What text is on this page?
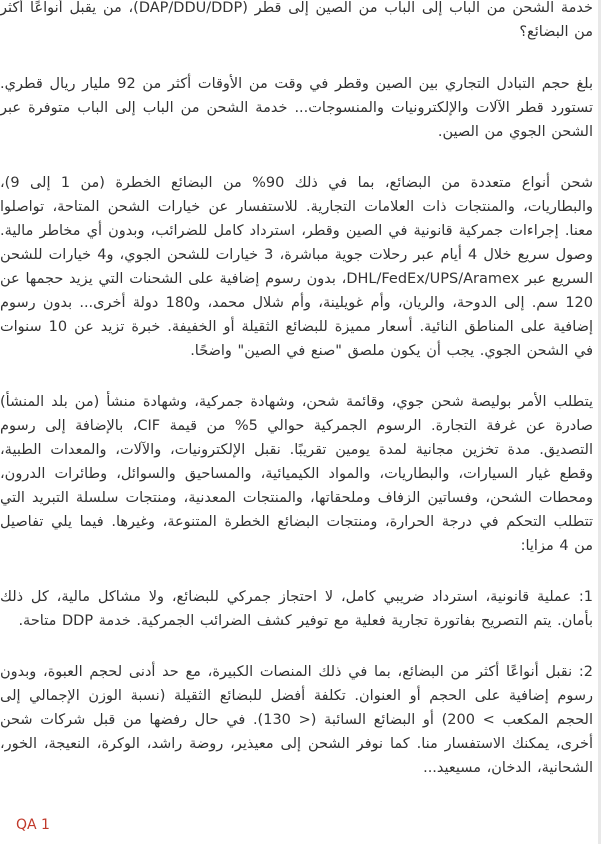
خدمة الشحن من الباب إلى الباب من الصين إلى قطر (DAP/DDU/DDP)، من يقبل أنواعًا أكثر من البضائع؟

بلغ حجم التبادل التجاري بين الصين وقطر في وقت من الأوقات أكثر من 92 مليار ريال قطري. تستورد قطر الآلات والإلكترونيات والمنسوجات... خدمة الشحن من الباب إلى الباب متوفرة عبر الشحن الجوي من الصين.

شحن أنواع متعددة من البضائع، بما في ذلك 90% من البضائع الخطرة (من 1 إلى 9)، والبطاريات، والمنتجات ذات العلامات التجارية. للاستفسار عن خيارات الشحن المتاحة، تواصلوا معنا. إجراءات جمركية قانونية في الصين وقطر، استرداد كامل للضرائب، وبدون أي مخاطر مالية. وصول سريع خلال 4 أيام عبر رحلات جوية مباشرة، 3 خيارات للشحن الجوي، و4 خيارات للشحن السريع عبر DHL/FedEx/UPS/Aramex، بدون رسوم إضافية على الشحنات التي يزيد حجمها عن 120 سم. إلى الدوحة، والريان، وأم غويلينة، وأم شلال محمد، و180 دولة أخرى... بدون رسوم إضافية على المناطق النائية. أسعار مميزة للبضائع الثقيلة أو الخفيفة. خبرة تزيد عن 10 سنوات في الشحن الجوي. يجب أن يكون ملصق "صنع في الصين" واضحًا.

يتطلب الأمر بوليصة شحن جوي، وقائمة شحن، وشهادة جمركية، وشهادة منشأ (من بلد المنشأ) صادرة عن غرفة التجارة. الرسوم الجمركية حوالي 5% من قيمة CIF، بالإضافة إلى رسوم التصديق. مدة تخزين مجانية لمدة يومين تقريبًا. نقبل الإلكترونيات، والآلات، والمعدات الطبية، وقطع غيار السيارات، والبطاريات، والمواد الكيميائية، والمساحيق والسوائل، وطائرات الدرون، ومحطات الشحن، وفساتين الزفاف وملحقاتها، والمنتجات المعدنية، ومنتجات سلسلة التبريد التي تتطلب التحكم في درجة الحرارة، ومنتجات البضائع الخطرة المتنوعة، وغيرها. فيما يلي تفاصيل من 4 مزايا:

1: عملية قانونية، استرداد ضريبي كامل، لا احتجاز جمركي للبضائع، ولا مشاكل مالية، كل ذلك بأمان. يتم التصريح بفاتورة تجارية فعلية مع توفير كشف الضرائب الجمركية. خدمة DDP متاحة.

2: نقبل أنواعًا أكثر من البضائع، بما في ذلك المنصات الكبيرة، مع حد أدنى لحجم العبوة، وبدون رسوم إضافية على الحجم أو العنوان. تكلفة أفضل للبضائع الثقيلة (نسبة الوزن الإجمالي إلى الحجم المكعب > 200) أو البضائع السائبة (< 130). في حال رفضها من قبل شركات شحن أخرى، يمكنك الاستفسار منا. كما نوفر الشحن إلى معيذير، روضة راشد، الوكرة، النعيجة، الخور، الشحانية، الدخان، مسيعيد...

QA 1
